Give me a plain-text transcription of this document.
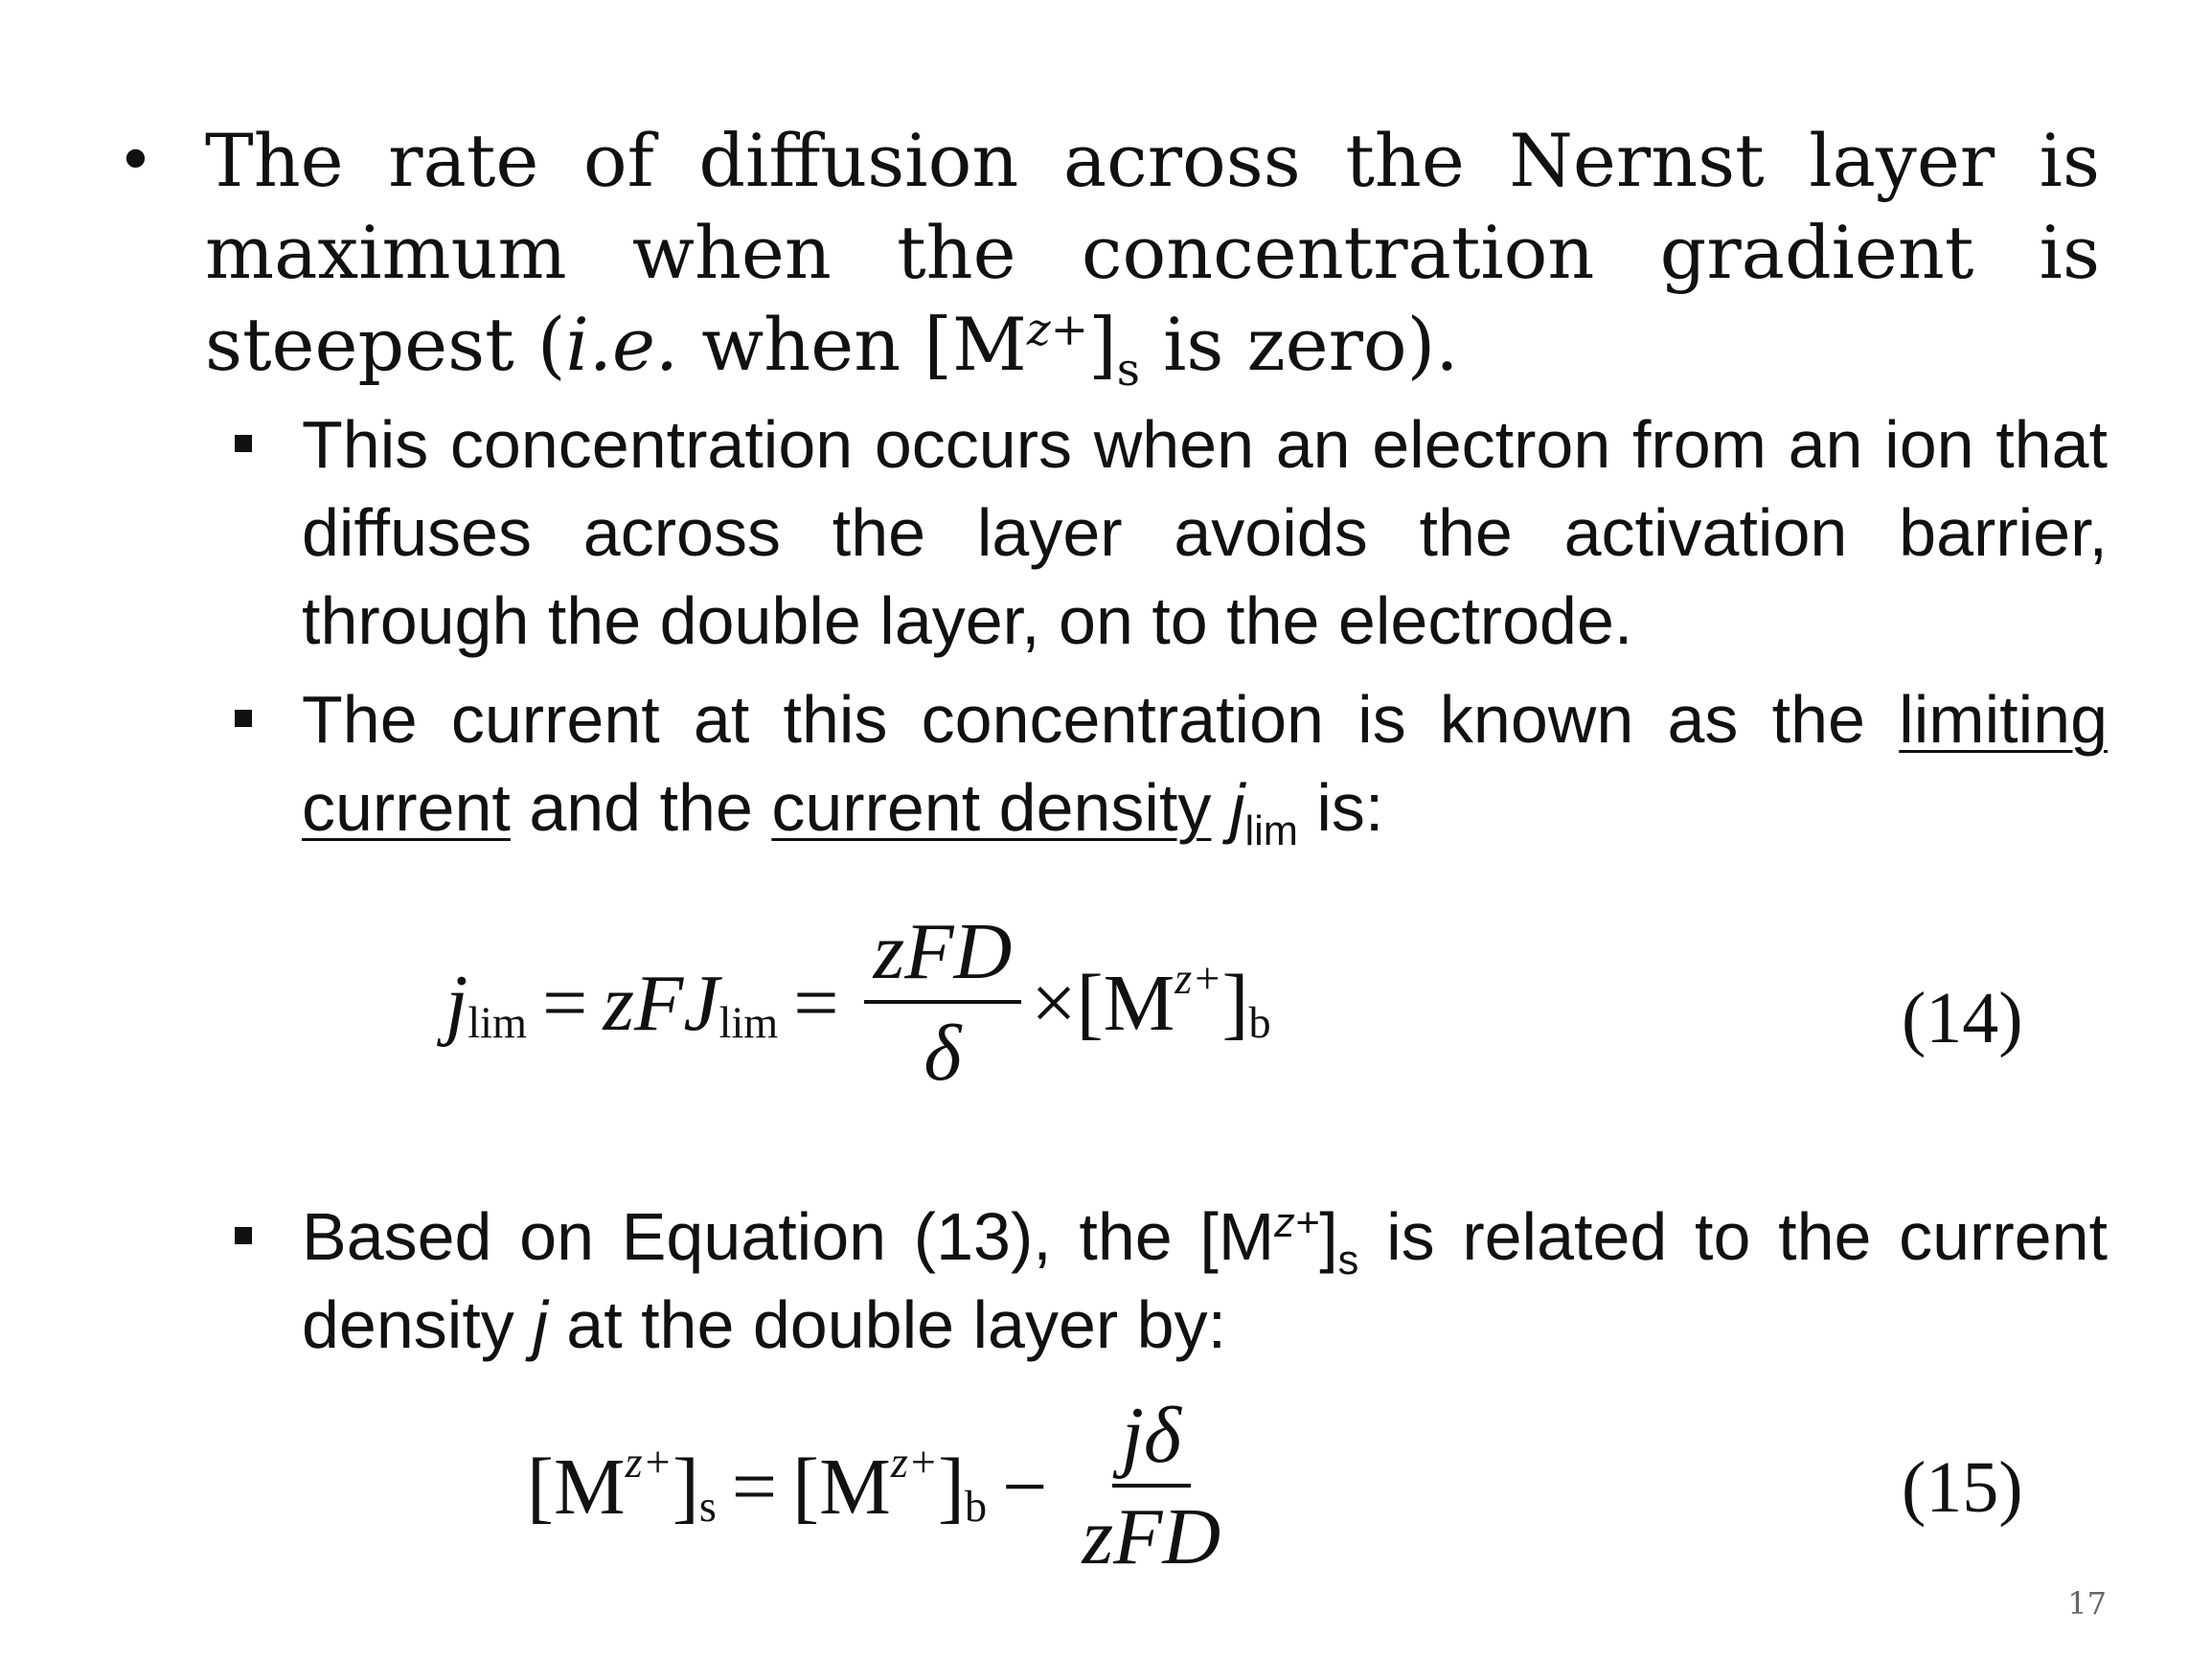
• The rate of diffusion across the Nernst layer is maximum when the concentration gradient is steepest (i.e. when $[M^{z+}]_s$ is zero).
This concentration occurs when an electron from an ion that diffuses across the layer avoids the activation barrier, through the double layer, on to the electrode.
The current at this concentration is known as the limiting current and the current density $j_{lim}$ is:
j lim = zFJ $\lim = \frac{\text{zFD}}{\delta} \times[M$ z+ ] b	(14)
Based on Equation (13), the $[M^{z+}]_s$ is related to the current density j at the double layer by:
[M z+ ] s = [M z+ ] $b - \frac{j\delta}{\text{zFD}}$	(15)
17
